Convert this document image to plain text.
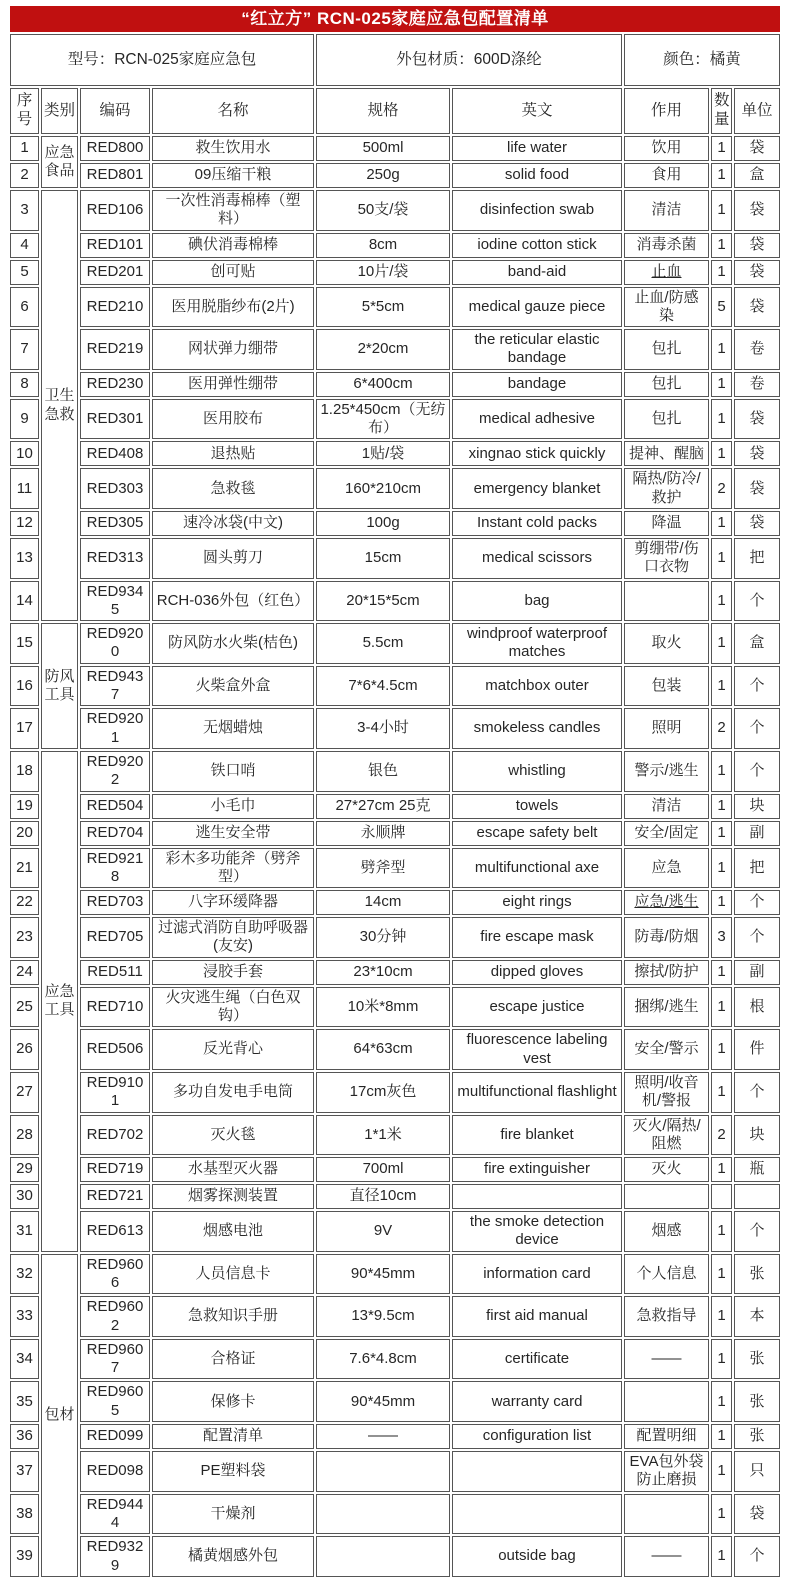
“红立方” RCN-025家庭应急包配置清单								
型号：RCN-025家庭应急包				外包材质：600D涤纶		颜色：橘黄		
序号	类别	编码	名称	规格	英文	作用	数量	单位
1	应急食品	RED800	救生饮用水	500ml	life water	饮用	1	袋
2		RED801	09压缩干粮	250g	solid food	食用	1	盒
3	卫生急救	RED106	一次性消毒棉棒（塑料）	50支/袋	disinfection swab	清洁	1	袋
4		RED101	碘伏消毒棉棒	8cm	iodine cotton stick	消毒杀菌	1	袋
5		RED201	创可贴	10片/袋	band-aid	止血	1	袋
6		RED210	医用脱脂纱布(2片)	5*5cm	medical gauze piece	止血/防感染	5	袋
7		RED219	网状弹力绷带	2*20cm	the reticular elastic bandage	包扎	1	卷
8		RED230	医用弹性绷带	6*400cm	bandage	包扎	1	卷
9		RED301	医用胶布	1.25*450cm（无纺布）	medical adhesive	包扎	1	袋
10		RED408	退热贴	1贴/袋	xingnao stick quickly	提神、醒脑	1	袋
11		RED303	急救毯	160*210cm	emergency blanket	隔热/防冷/救护	2	袋
12		RED305	速冷冰袋(中文)	100g	Instant cold packs	降温	1	袋
13		RED313	圆头剪刀	15cm	medical scissors	剪绷带/伤口衣物	1	把
14		RED9345	RCH-036外包（红色）	20*15*5cm	bag		1	个
15	防风工具	RED9200	防风防水火柴(桔色)	5.5cm	windproof waterproof matches	取火	1	盒
16		RED9437	火柴盒外盒	7*6*4.5cm	matchbox outer	包装	1	个
17		RED9201	无烟蜡烛	3-4小时	smokeless candles	照明	2	个
18	应急工具	RED9202	铁口哨	银色	whistling	警示/逃生	1	个
19		RED504	小毛巾	27*27cm 25克	towels	清洁	1	块
20		RED704	逃生安全带	永顺牌	escape safety belt	安全/固定	1	副
21		RED9218	彩木多功能斧（劈斧型）	劈斧型	multifunctional axe	应急	1	把
22		RED703	八字环缓降器	14cm	eight rings	应急/逃生	1	个
23		RED705	过滤式消防自助呼吸器(友安)	30分钟	fire escape mask	防毒/防烟	3	个
24		RED511	浸胶手套	23*10cm	dipped gloves	擦拭/防护	1	副
25		RED710	火灾逃生绳（白色双钩）	10米*8mm	escape justice	捆绑/逃生	1	根
26		RED506	反光背心	64*63cm	fluorescence labeling vest	安全/警示	1	件
27		RED9101	多功自发电手电筒	17cm灰色	multifunctional flashlight	照明/收音机/警报	1	个
28		RED702	灭火毯	1*1米	fire blanket	灭火/隔热/阻燃	2	块
29		RED719	水基型灭火器	700ml	fire extinguisher	灭火	1	瓶
30		RED721	烟雾探测装置	直径10cm				
31		RED613	烟感电池	9V	the smoke detection device	烟感	1	个
32	包材	RED9606	人员信息卡	90*45mm	information card	个人信息	1	张
33		RED9602	急救知识手册	13*9.5cm	first aid manual	急救指导	1	本
34		RED9607	合格证	7.6*4.8cm	certificate	——	1	张
35		RED9605	保修卡	90*45mm	warranty card		1	张
36		RED099	配置清单	——	configuration list	配置明细	1	张
37		RED098	PE塑料袋			EVA包外袋防止磨损	1	只
38		RED9444	干燥剂				1	袋
39		RED9329	橘黄烟感外包		outside bag	——	1	个
